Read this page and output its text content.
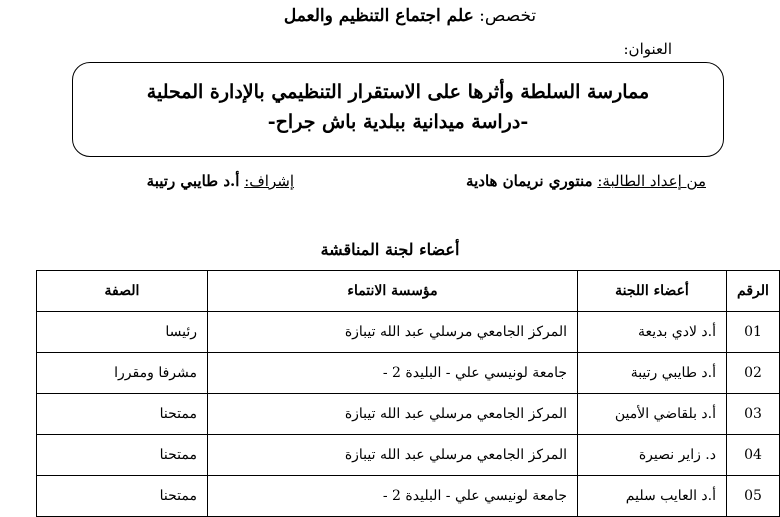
تخصص: علم اجتماع التنظيم والعمل
العنوان:
ممارسة السلطة وأثرها على الاستقرار التنظيمي بالإدارة المحلية
-دراسة ميدانية ببلدية باش جراح-
من إعداد الطالبة: منتوري نريمان هادية
إشراف: أ.د طايبي رتيبة
أعضاء لجنة المناقشة
الرقم	أعضاء اللجنة	مؤسسة الانتماء	الصفة
01	أ.د لادي بديعة	المركز الجامعي مرسلي عبد الله تيبازة	رئيسا
02	أ.د طايبي رتيبة	جامعة لونيسي علي - البليدة 2 -	مشرفا ومقررا
03	أ.د بلقاضي الأمين	المركز الجامعي مرسلي عبد الله تيبازة	ممتحنا
04	د. زاير نصيرة	المركز الجامعي مرسلي عبد الله تيبازة	ممتحنا
05	أ.د العايب سليم	جامعة لونيسي علي - البليدة 2 -	ممتحنا
